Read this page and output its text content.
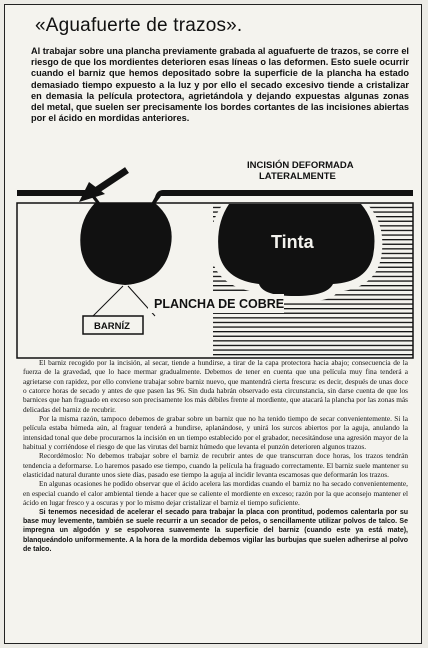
«Aguafuerte de trazos».
Al trabajar sobre una plancha previamente grabada al aguafuerte de trazos, se corre el riesgo de que los mordientes deterioren esas líneas o las deformen. Esto suele ocurrir cuando el barniz que hemos depositado sobre la superficie de la plancha ha estado demasiado tiempo expuesto a la luz y por ello el secado excesivo tiende a cristalizar en demasia la película protectora, agrietándola y dejando expuestas algunas zonas del metal, que suelen ser precisamente los bordes cortantes de las incisiones abiertas por el ácido en mordidas anteriores.
INCISIÓN DEFORMADA
LATERALMENTE
Tinta
PLANCHA DE COBRE
BARNÍZ

El barniz recogido por la incisión, al secar, tiende a hundirse, a tirar de la capa protectora hacia abajo; consecuencia de la fuerza de la gravedad, que lo hace mermar gradualmente. Debemos de tener en cuenta que una película muy fina tenderá a agrietarse con rapidez, por ello conviene trabajar sobre barniz nuevo, que mantendrá cierta frescura: es decir, después de unas doce o catorce horas de secado y antes de que pasen las 96. Sin duda habrán observado esta circunstancia, sin darse cuenta de que los barnices que han fraguado en exceso son precisamente los más débiles frente al mordiente, que atacará la plancha por las zonas más delicadas del barniz de recubrir.

Por la misma razón, tampoco debemos de grabar sobre un barniz que no ha tenido tiempo de secar convenientemente. Si la película estaba húmeda aún, al fraguar tenderá a hundirse, aplanándose, y unirá los surcos abiertos por la aguja, anulando la intensidad tonal que debe procurarnos la incisión en un tiempo establecido por el grabador, necesitándose una agresión mayor de la habitual y corriéndose el riesgo de que las virutas del barniz húmedo que levanta el punzón deterioren algunos trazos.

Recordémoslo: No debemos trabajar sobre el barniz de recubrir antes de que transcurran doce horas, los trazos tendrán tendencia a deformarse. Lo haremos pasado ese tiempo, cuando la película ha fraguado correctamente. El barniz suele mantener su elasticidad natural durante unos siete días, pasado ese tiempo la aguja al incidir levanta escamosas que deformarán los trazos.

En algunas ocasiones he podido observar que el ácido acelera las mordidas cuando el barniz no ha secado convenientemente, en especial cuando el calor ambiental tiende a hacer que se caliente el mordiente en exceso; razón por la que aconsejo mantener el ácido en lugar fresco y a oscuras y por lo mismo dejar cristalizar el barniz el tiempo suficiente.

Si tenemos necesidad de acelerar el secado para trabajar la placa con prontitud, podemos calentarla por su base muy levemente, también se suele recurrir a un secador de pelos, o sencillamente utilizar polvos de talco. Se impregna un algodón y se espolvorea suavemente la superficie del barniz (cuando este ya está mate), blanqueándolo uniformemente. A la hora de la mordida debemos vigilar las burbujas que suelen adherirse al polvo de talco.
